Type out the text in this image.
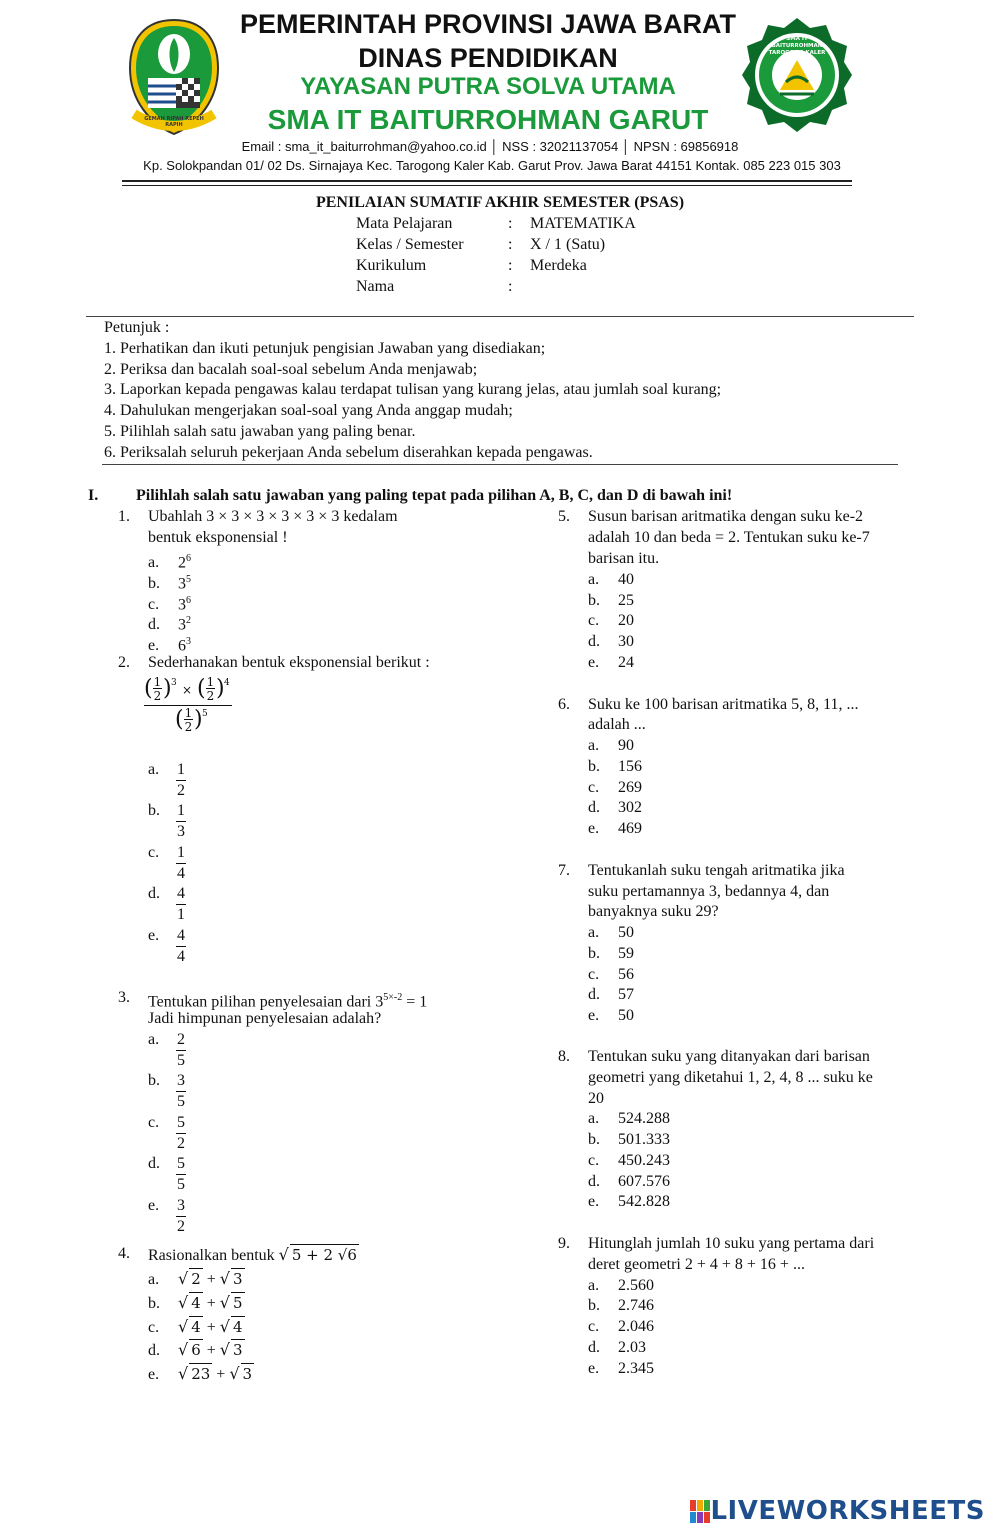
GEMAH RIPAH REPEH RAPIH
SMA IT BAITURROHMAN TAROGONG KALER GARUT
PEMERINTAH PROVINSI JAWA BARAT
DINAS PENDIDIKAN
YAYASAN PUTRA SOLVA UTAMA
SMA IT BAITURROHMAN GARUT
Email : sma_it_baiturrohman@yahoo.co.id │ NSS : 32021137054 │ NPSN : 69856918
Kp. Solokpandan 01/ 02 Ds. Sirnajaya Kec. Tarogong Kaler Kab. Garut Prov. Jawa Barat 44151 Kontak. 085 223 015 303
PENILAIAN SUMATIF AKHIR SEMESTER (PSAS)
Mata Pelajaran	: MATEMATIKA
Kelas / Semester	: X / 1 (Satu)
Kurikulum	: Merdeka
Nama	:
Petunjuk :
1. Perhatikan dan ikuti petunjuk pengisian Jawaban yang disediakan;
2. Periksa dan bacalah soal-soal sebelum Anda menjawab;
3. Laporkan kepada pengawas kalau terdapat tulisan yang kurang jelas, atau jumlah soal kurang;
4. Dahulukan mengerjakan soal-soal yang Anda anggap mudah;
5. Pilihlah salah satu jawaban yang paling benar.
6. Periksalah seluruh pekerjaan Anda sebelum diserahkan kepada pengawas.
I. Pilihlah salah satu jawaban yang paling tepat pada pilihan A, B, C, dan D di bawah ini!
1. Ubahlah 3 × 3 × 3 × 3 × 3 × 3 kedalam
bentuk eksponensial !
a. $2^6$
b. $3^5$
c. $3^6$
d. $3^2$
e. $6^3$
2. Sederhanakan bentuk eksponensial berikut :
( 1
2 ) 3 × ( 1
2 ) 4
( 1
2 ) 5
a.	$\frac{1}{2}$
b.	$\frac{1}{3}$
c.	$\frac{1}{4}$
d.	$\frac{4}{1}$
e.	$\frac{4}{4}$
3. Tentukan pilihan penyelesaian dari $3^{5\times-2} = 1$
Jadi himpunan penyelesaian adalah?
a.	$\frac{2}{5}$
b.	$\frac{3}{5}$
c.	$\frac{5}{2}$
d.	$\frac{5}{5}$
e.	$\frac{3}{2}$
4. Rasionalkan bentuk √ 5 + 2 √6
a. √ 2 + √ 3
b. √ 4 + √ 5
c. √ 4 + √ 4
d. √ 6 + √ 3
e. √ 23 + √ 3
5. Susun barisan aritmatika dengan suku ke-2
adalah 10 dan beda = 2. Tentukan suku ke-7
barisan itu.
a. 40
b. 25
c. 20
d. 30
e. 24
6. Suku ke 100 barisan aritmatika 5, 8, 11, ...
adalah ...
a. 90
b. 156
c. 269
d. 302
e. 469
7. Tentukanlah suku tengah aritmatika jika
suku pertamannya 3, bedannya 4, dan
banyaknya suku 29?
a. 50
b. 59
c. 56
d. 57
e. 50
8. Tentukan suku yang ditanyakan dari barisan
geometri yang diketahui 1, 2, 4, 8 ... suku ke
20
a. 524.288
b. 501.333
c. 450.243
d. 607.576
e. 542.828
9. Hitunglah jumlah 10 suku yang pertama dari
deret geometri 2 + 4 + 8 + 16 + ...
a. 2.560
b. 2.746
c. 2.046
d. 2.03
e. 2.345
LIVEWORKSHEETS
